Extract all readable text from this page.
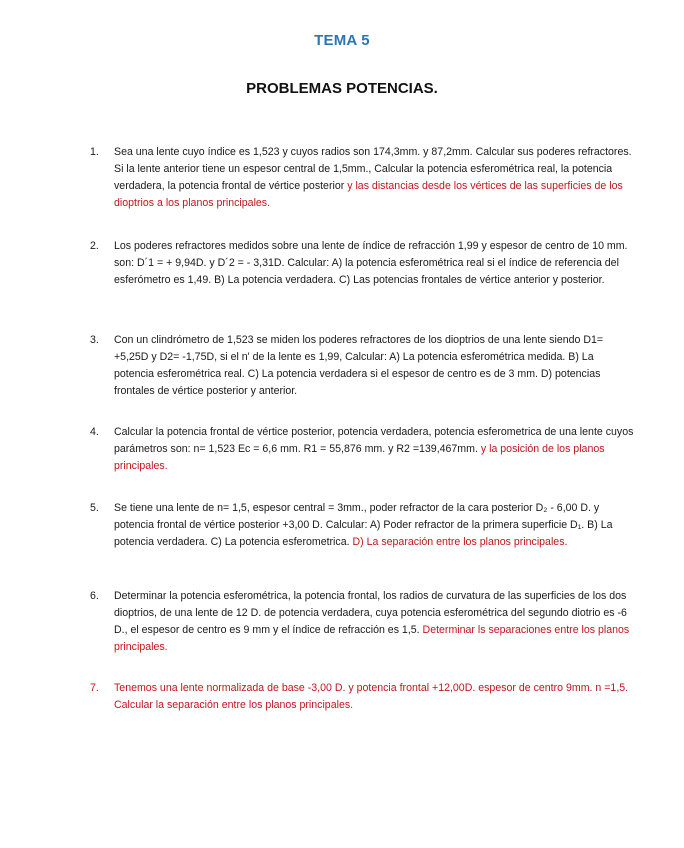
TEMA 5
PROBLEMAS POTENCIAS.
1.	Sea una lente cuyo índice es 1,523 y cuyos radios son 174,3mm. y 87,2mm. Calcular sus poderes refractores. Si la lente anterior tiene un espesor central de 1,5mm., Calcular la potencia esferométrica real, la potencia verdadera, la potencia frontal de vértice posterior y las distancias desde los vértices de las superficies de los dioptrios a los planos principales.
2.	Los poderes refractores medidos sobre una lente de índice de refracción 1,99 y espesor de centro de 10 mm. son: D´1 = + 9,94D. y D´2 = - 3,31D. Calcular: A) la potencia esferométrica real si el índice de referencia del esferómetro es 1,49. B) La potencia verdadera. C) Las potencias frontales de vértice anterior y posterior.
3.	Con un clindrómetro de 1,523 se miden los poderes refractores de los dioptrios de una lente siendo D1= +5,25D y D2= -1,75D, si el n' de la lente es 1,99, Calcular: A) La potencia esferométrica medida. B) La potencia esferométrica real. C) La potencia verdadera si el espesor de centro es de 3 mm. D) potencias frontales de vértice posterior y anterior.
4.	Calcular la potencia frontal de vértice posterior, potencia verdadera, potencia esferometrica de una lente cuyos parámetros son: n= 1,523 Ec = 6,6 mm. R1 = 55,876 mm. y R2 =139,467mm. y la posición de los planos principales.
5.	Se tiene una lente de n= 1,5, espesor central = 3mm., poder refractor de la cara posterior D₂ - 6,00 D. y potencia frontal de vértice posterior +3,00 D. Calcular: A) Poder refractor de la primera superficie D₁. B) La potencia verdadera. C) La potencia esferometrica. D) La separación entre los planos principales.
6.	Determinar la potencia esferométrica, la potencia frontal, los radios de curvatura de las superficies de los dos dioptrios, de una lente de 12 D. de potencia verdadera, cuya potencia esferométrica del segundo diotrio es -6 D., el espesor de centro es 9 mm y el índice de refracción es 1,5. Determinar ls separaciones entre los planos principales.
7.	Tenemos una lente normalizada de base -3,00 D. y potencia frontal +12,00D. espesor de centro 9mm. n =1,5. Calcular la separación entre los planos principales.
